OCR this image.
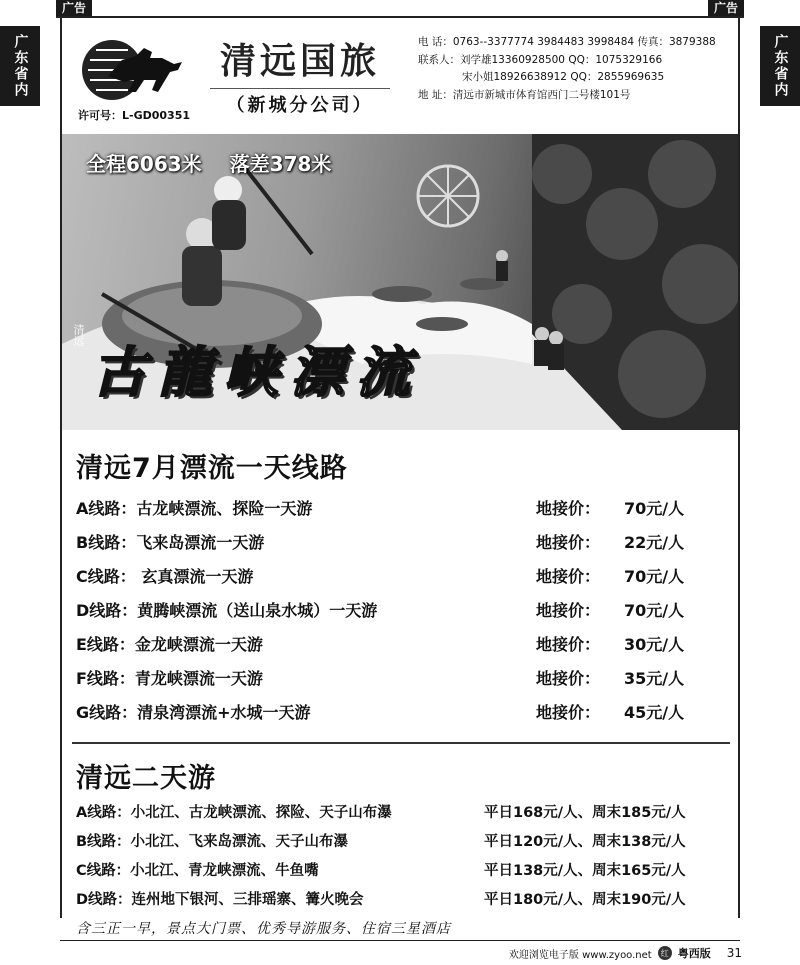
广告	广告
广东省内	广东省内
许可号：L-GD00351
清远国旅
（新城分公司）
电 话：0763--3377774 3984483 3998484 传真：3879388
联系人：刘学雄13360928500 QQ：1075329166
宋小姐18926638912 QQ：2855969635
地 址：清远市新城市体育馆西门二号楼101号
全程6063米 落差378米
清远
古龍峡漂流
清远7月漂流一天线路
A线路：古龙峡漂流、探险一天游	地接价： 70元/人
B线路：飞来岛漂流一天游	地接价： 22元/人
C线路： 玄真漂流一天游	地接价： 70元/人
D线路：黄腾峡漂流（送山泉水城）一天游	地接价： 70元/人
E线路：金龙峡漂流一天游	地接价： 30元/人
F线路：青龙峡漂流一天游	地接价： 35元/人
G线路：清泉湾漂流+水城一天游	地接价： 45元/人
清远二天游
A线路：小北江、古龙峡漂流、探险、天子山布瀑	平日168元/人、周末185元/人
B线路：小北江、飞来岛漂流、天子山布瀑	平日120元/人、周末138元/人
C线路：小北江、青龙峡漂流、牛鱼嘴	平日138元/人、周末165元/人
D线路：连州地下银河、三排瑶寨、篝火晚会	平日180元/人、周末190元/人
含三正一早，景点大门票、优秀导游服务、住宿三星酒店
欢迎浏览电子版 www.zyoo.net	红 粤西版 31
